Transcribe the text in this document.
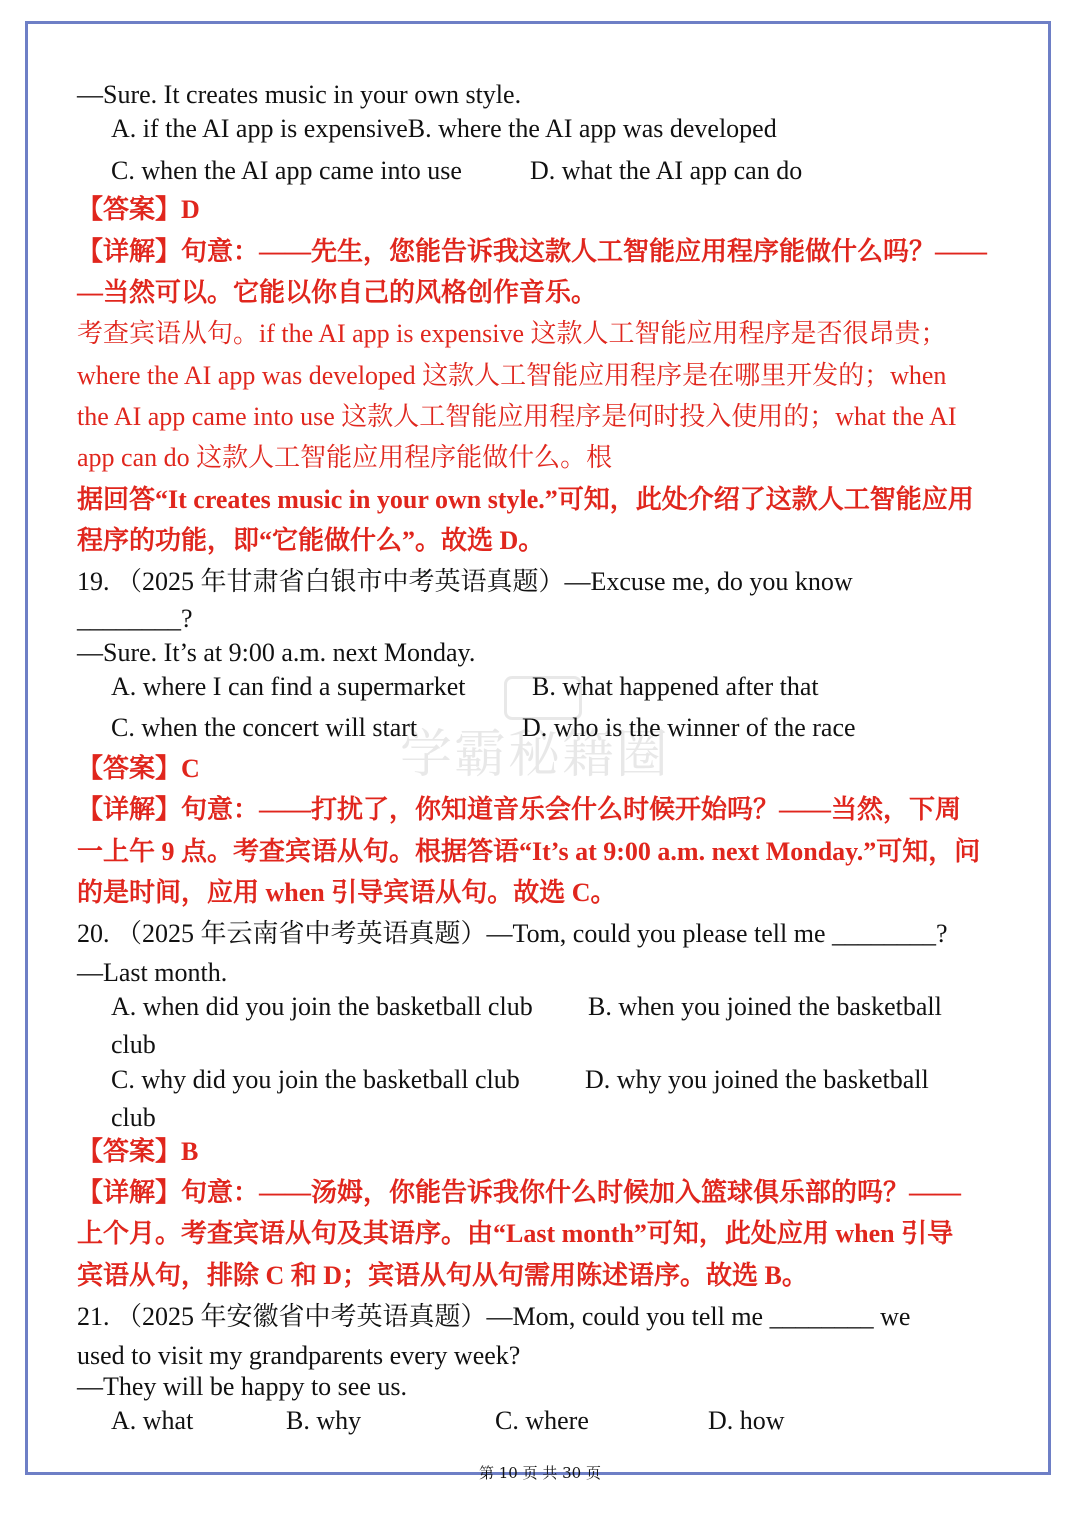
学霸秘籍圈
—Sure. It creates music in your own style.
A. if the AI app is expensiveB. where the AI app was developed
C. when the AI app came into use	D. what the AI app can do
【答案】D
【详解】句意：——先生，您能告诉我这款人工智能应用程序能做什么吗？——
—当然可以。它能以你自己的风格创作音乐。
考查宾语从句。if the AI app is expensive 这款人工智能应用程序是否很昂贵；
where the AI app was developed 这款人工智能应用程序是在哪里开发的；when
the AI app came into use 这款人工智能应用程序是何时投入使用的；what the AI
app can do 这款人工智能应用程序能做什么。根
据回答“It creates music in your own style.”可知，此处介绍了这款人工智能应用
程序的功能，即“它能做什么”。故选 D。
19. （2025 年甘肃省白银市中考英语真题）—Excuse me, do you know
________?
—Sure. It’s at 9:00 a.m. next Monday.
A. where I can find a supermarket	B. what happened after that
C. when the concert will start	D. who is the winner of the race
【答案】C
【详解】句意：——打扰了，你知道音乐会什么时候开始吗？——当然，下周
一上午 9 点。考查宾语从句。根据答语“It’s at 9:00 a.m. next Monday.”可知，问
的是时间，应用 when 引导宾语从句。故选 C。
20. （2025 年云南省中考英语真题）—Tom, could you please tell me ________?
—Last month.
A. when did you join the basketball club B. when you joined the basketball
club
C. why did you join the basketball club	D. why you joined the basketball
club
【答案】B
【详解】句意：——汤姆，你能告诉我你什么时候加入篮球俱乐部的吗？——
上个月。考查宾语从句及其语序。由“Last month”可知，此处应用 when 引导
宾语从句，排除 C 和 D；宾语从句从句需用陈述语序。故选 B。
21. （2025 年安徽省中考英语真题）—Mom, could you tell me ________ we
used to visit my grandparents every week?
—They will be happy to see us.
A. what	B. why	C. where	D. how
第 10 页 共 30 页
